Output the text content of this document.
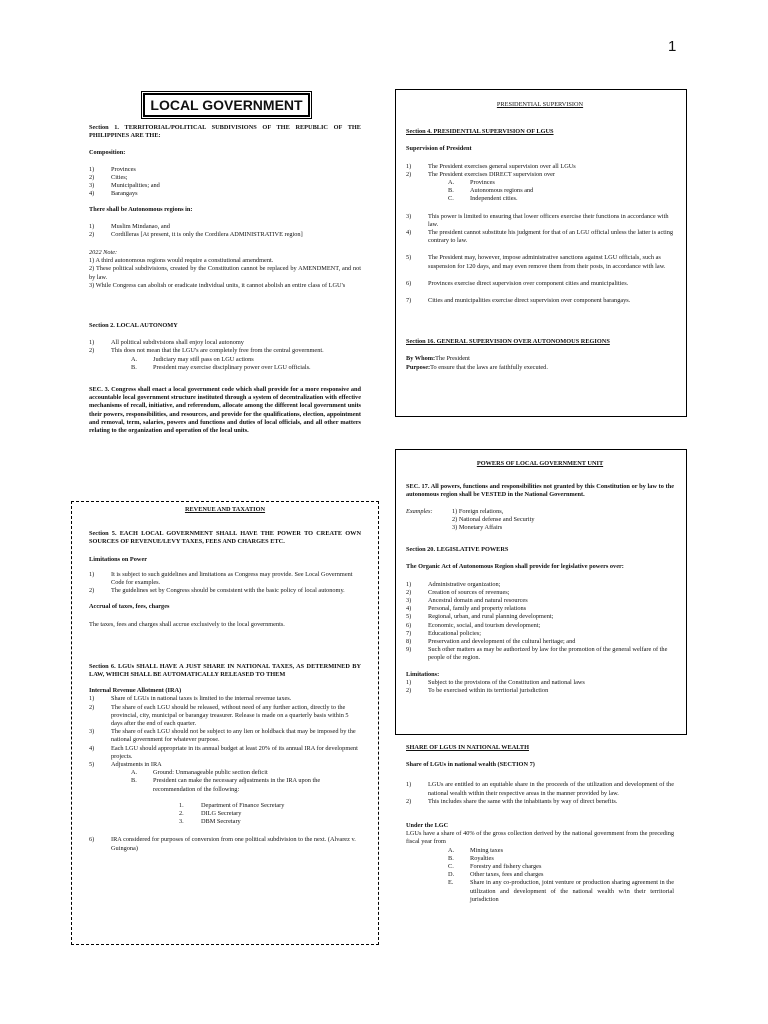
1
LOCAL GOVERNMENT

Section 1. TERRITORIAL/POLITICAL SUBDIVISIONS OF THE REPUBLIC OF THE PHILIPPINES ARE THE:

Composition:

1)	Provinces
2)	Cities;
3)	Municipalities; and
4)	Barangays

There shall be Autonomous regions in:

1)	Muslim Mindanao, and
2)	Cordilleras [At present, it is only the Cordilera ADMINISTRATIVE region]

2022 Note:

1) A third autonomous regions would require a constiutional amendment.

2) These political subdivisions, created by the Constitution cannot be replaced by AMENDMENT, and not by law.

3) While Congress can abolish or eradicate individual units, it cannot abolish an entire class of LGU's

Section 2. LOCAL AUTONOMY

1)	All political subdivisions shall enjoy local autonomy
2)	This does not mean that the LGU's are completely free from the central government.
A.	Judiciary may still pass on LGU actions
B.	President may exercise disciplinary power over LGU officials.

SEC. 3. Congress shall enact a local government code which shall provide for a more responsive and accountable local government structure instituted through a system of decentralization with effective mechanisms of recall, initiative, and referendum, allocate among the different local government units their powers, responsibilities, and resources, and provide for the qualifications, election, appointment and removal, term, salaries, powers and functions and duties of local officials, and all other matters relating to the organization and operation of the local units.

REVENUE AND TAXATION

Section 5. EACH LOCAL GOVERNMENT SHALL HAVE THE POWER TO CREATE OWN SOURCES OF REVENUE/LEVY TAXES, FEES AND CHARGES ETC.

Limitations on Power

1)	It is subject to such guidelines and limitations as Congress may provide. See Local Government Code for examples.
2)	The guidelines set by Congress should be consistent with the basic policy of local autonomy.

Accrual of taxes, fees, charges

The taxes, fees and charges shall accrue exclusively to the local governments.

Section 6. LGUs SHALL HAVE A JUST SHARE IN NATIONAL TAXES, AS DETERMINED BY LAW, WHICH SHALL BE AUTOMATICALLY RELEASED TO THEM

Internal Revenue Allotment (IRA)

1)	Share of LGUs in national taxes is limited to the internal revenue taxes.
2)	The share of each LGU should be released, without need of any further action, directly to the provincial, city, municipal or barangay treasurer. Release is made on a quarterly basis within 5 days after the end of each quarter.
3)	The share of each LGU should not be subject to any lien or holdback that may be imposed by the national government for whatever purpose.
4)	Each LGU should appropriate in its annual budget at least 20% of its annual IRA for development projects.
5)	Adjustments in IRA
A.	Ground: Unmanageable public section deficit
B.	President can make the necessary adjustments in the IRA upon the recommendation of the following:
1.	Department of Finance Secretary
2.	DILG Secretary
3.	DBM Secretary
6)	IRA considered for purposes of conversion from one political subdivision to the next. (Alvarez v. Guingona)

PRESIDENTIAL SUPERVISION

Section 4. PRESIDENTIAL SUPERVISION OF LGUS

Supervision of President

1)	The President exercises general supervision over all LGUs
2)	The President exercises DIRECT supervision over
A.	Provinces
B.	Autonomous regions and
C.	Independent cities.
3)	This power is limited to ensuring that lower officers exercise their functions in accordance with law.
4)	The president cannot substitute his judgment for that of an LGU official unless the latter is acting contrary to law.
5)	The President may, however, impose administrative sanctions against LGU officials, such as suspension for 120 days, and may even remove them from their posts, in accordance with law.
6)	Provinces exercise direct supervision over component cities and municipalities.
7)	Cities and municipalities exercise direct supervision over component barangays.

Section 16. GENERAL SUPERVISION OVER AUTONOMOUS REGIONS

By Whom:The President

Purpose:To ensure that the laws are faithfully executed.

POWERS OF LOCAL GOVERNMENT UNIT

SEC. 17. All powers, functions and responsibilities not granted by this Constitution or by law to the autonomous region shall be VESTED in the National Government.

Examples:	1) Foreign relations,

2) National defense and Security

3) Monetary Affairs

Section 20. LEGISLATIVE POWERS

The Organic Act of Autonomous Region shall provide for legislative powers over:

1)	Administrative organization;
2)	Creation of sources of revenues;
3)	Ancestral domain and natural resources
4)	Personal, family and property relations
5)	Regional, urban, and rural planning development;
6)	Economic, social, and tourism development;
7)	Educational policies;
8)	Preservation and development of the cultural heritage; and
9)	Such other matters as may be authorized by law for the promotion of the general welfare of the people of the region.

Limitations:

1)	Subject to the provisions of the Constitution and national laws
2)	To be exercised within its territorial jurisdiction

SHARE OF LGUS IN NATIONAL WEALTH

Share of LGUs in national wealth (SECTION 7)

1)	LGUs are entitled to an equitable share in the proceeds of the utilization and development of the national wealth within their respective areas in the manner provided by law.
2)	This includes share the same with the inhabitants by way of direct benefits.

Under the LGC

LGUs have a share of 40% of the gross collection derived by the national government from the preceding fiscal year from

A.	Mining taxes
B.	Royalties
C.	Forestry and fishery charges
D.	Other taxes, fees and charges
E.	Share in any co-production, joint venture or production sharing agreement in the utilization and development of the national wealth w/in their territorial jurisdiction
